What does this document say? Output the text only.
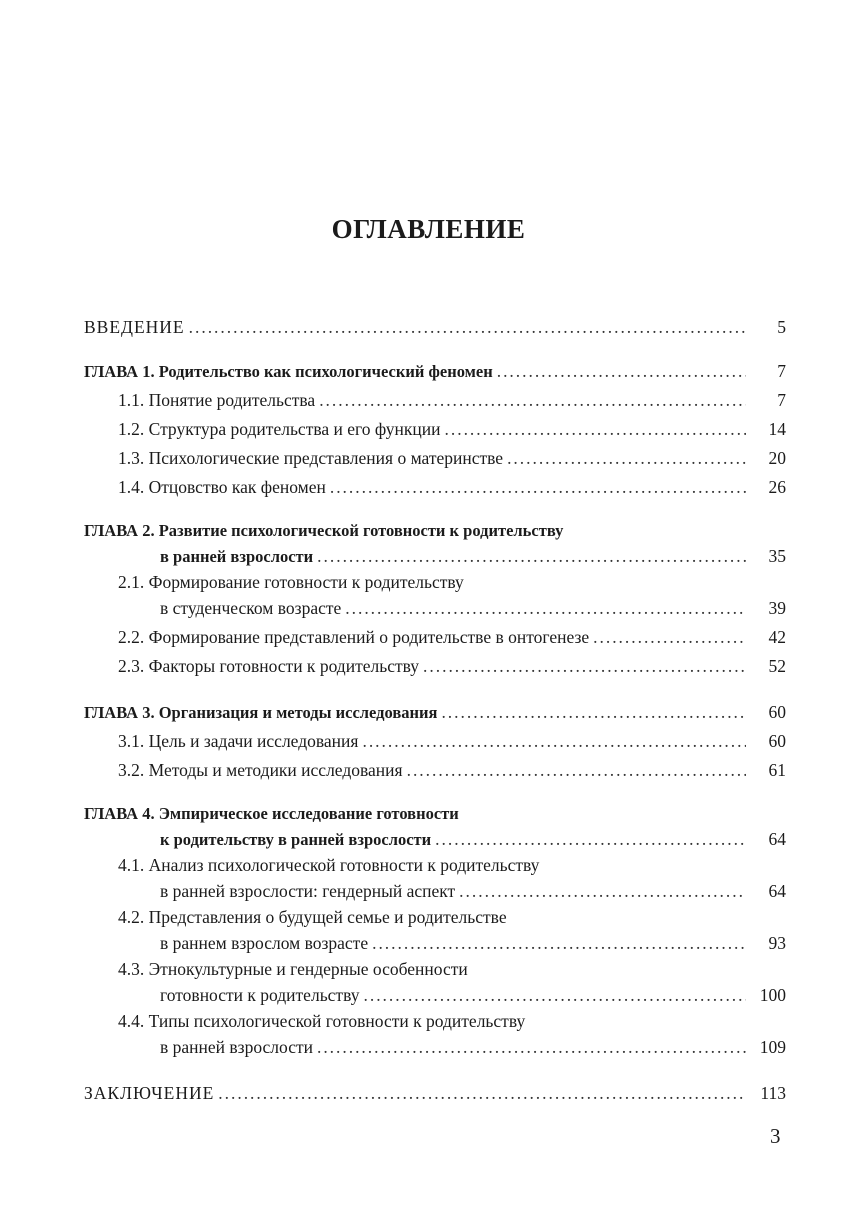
ОГЛАВЛЕНИЕ
ВВЕДЕНИЕ . . .	5
ГЛАВА 1. Родительство как психологический феномен . . .	7
1.1. Понятие родительства . . .	7
1.2. Структура родительства и его функции . . .	14
1.3. Психологические представления о материнстве . . .	20
1.4. Отцовство как феномен . . .	26
ГЛАВА 2. Развитие психологической готовности к родительству
в ранней взрослости . . .	35
2.1. Формирование готовности к родительству
в студенческом возрасте . . .	39
2.2. Формирование представлений о родительстве в онтогенезе . . .	42
2.3. Факторы готовности к родительству . . .	52
ГЛАВА 3. Организация и методы исследования . . .	60
3.1. Цель и задачи исследования . . .	60
3.2. Методы и методики исследования . . .	61
ГЛАВА 4. Эмпирическое исследование готовности
к родительству в ранней взрослости . . .	64
4.1. Анализ психологической готовности к родительству
в ранней взрослости: гендерный аспект . . .	64
4.2. Представления о будущей семье и родительстве
в раннем взрослом возрасте . . .	93
4.3. Этнокультурные и гендерные особенности
готовности к родительству . . .	100
4.4. Типы психологической готовности к родительству
в ранней взрослости . . .	109
ЗАКЛЮЧЕНИЕ . . .	113
3
